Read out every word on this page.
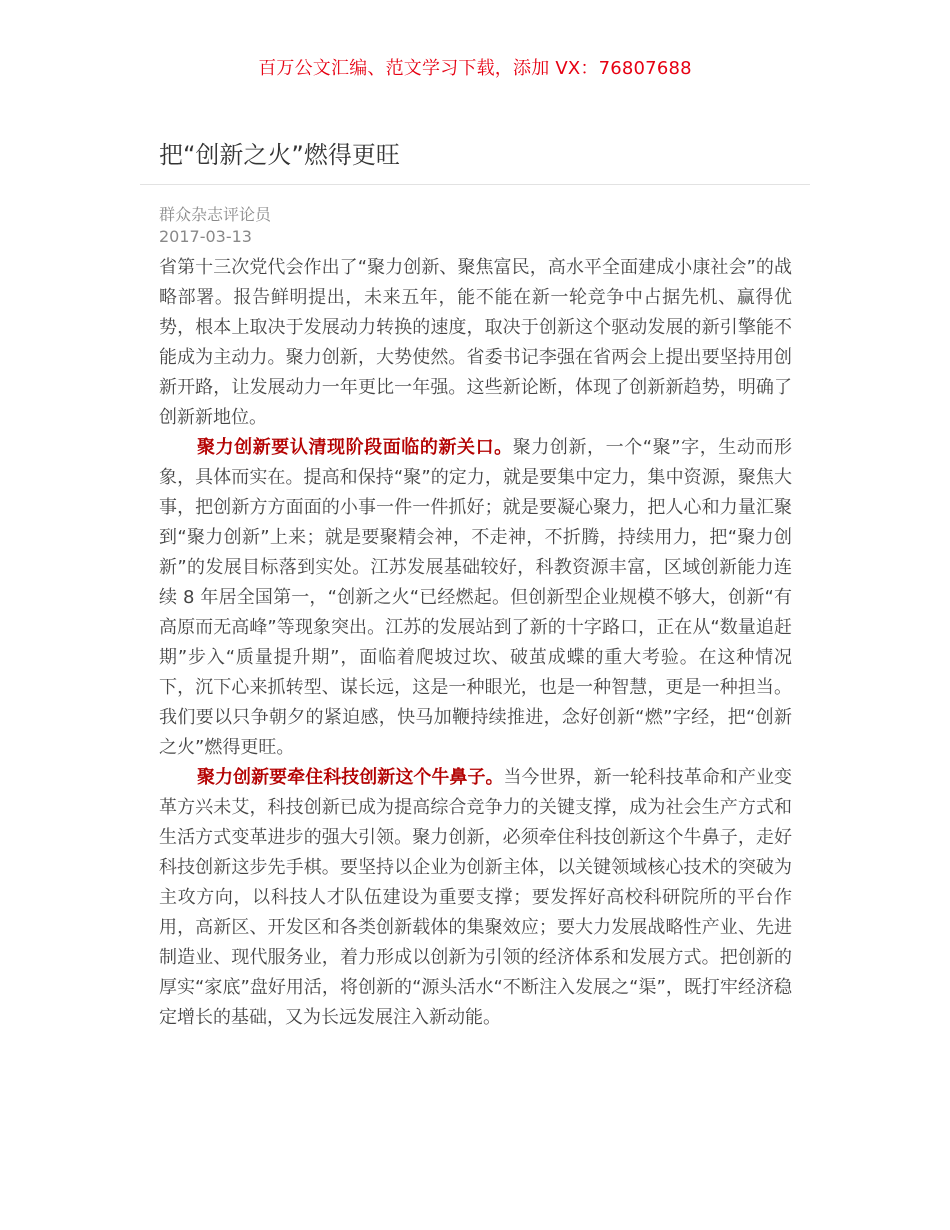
百万公文汇编、范文学习下载，添加 VX：76807688
把“创新之火”燃得更旺
群众杂志评论员
2017-03-13

省第十三次党代会作出了“聚力创新、聚焦富民，高水平全面建成小康社会”的战略部署。报告鲜明提出，未来五年，能不能在新一轮竞争中占据先机、赢得优势，根本上取决于发展动力转换的速度，取决于创新这个驱动发展的新引擎能不能成为主动力。聚力创新，大势使然。省委书记李强在省两会上提出要坚持用创新开路，让发展动力一年更比一年强。这些新论断，体现了创新新趋势，明确了创新新地位。

聚力创新要认清现阶段面临的新关口。聚力创新，一个“聚”字，生动而形象，具体而实在。提高和保持“聚”的定力，就是要集中定力，集中资源，聚焦大事，把创新方方面面的小事一件一件抓好；就是要凝心聚力，把人心和力量汇聚到“聚力创新”上来；就是要聚精会神，不走神，不折腾，持续用力，把“聚力创新”的发展目标落到实处。江苏发展基础较好，科教资源丰富，区域创新能力连续 8 年居全国第一，“创新之火“已经燃起。但创新型企业规模不够大，创新“有高原而无高峰”等现象突出。江苏的发展站到了新的十字路口，正在从“数量追赶期”步入“质量提升期”，面临着爬坡过坎、破茧成蝶的重大考验。在这种情况下，沉下心来抓转型、谋长远，这是一种眼光，也是一种智慧，更是一种担当。我们要以只争朝夕的紧迫感，快马加鞭持续推进，念好创新“燃”字经，把“创新之火”燃得更旺。

聚力创新要牵住科技创新这个牛鼻子。当今世界，新一轮科技革命和产业变革方兴未艾，科技创新已成为提高综合竞争力的关键支撑，成为社会生产方式和生活方式变革进步的强大引领。聚力创新，必须牵住科技创新这个牛鼻子，走好科技创新这步先手棋。要坚持以企业为创新主体，以关键领域核心技术的突破为主攻方向，以科技人才队伍建设为重要支撑；要发挥好高校科研院所的平台作用，高新区、开发区和各类创新载体的集聚效应；要大力发展战略性产业、先进制造业、现代服务业，着力形成以创新为引领的经济体系和发展方式。把创新的厚实“家底”盘好用活，将创新的“源头活水“不断注入发展之“渠”，既打牢经济稳定增长的基础，又为长远发展注入新动能。
